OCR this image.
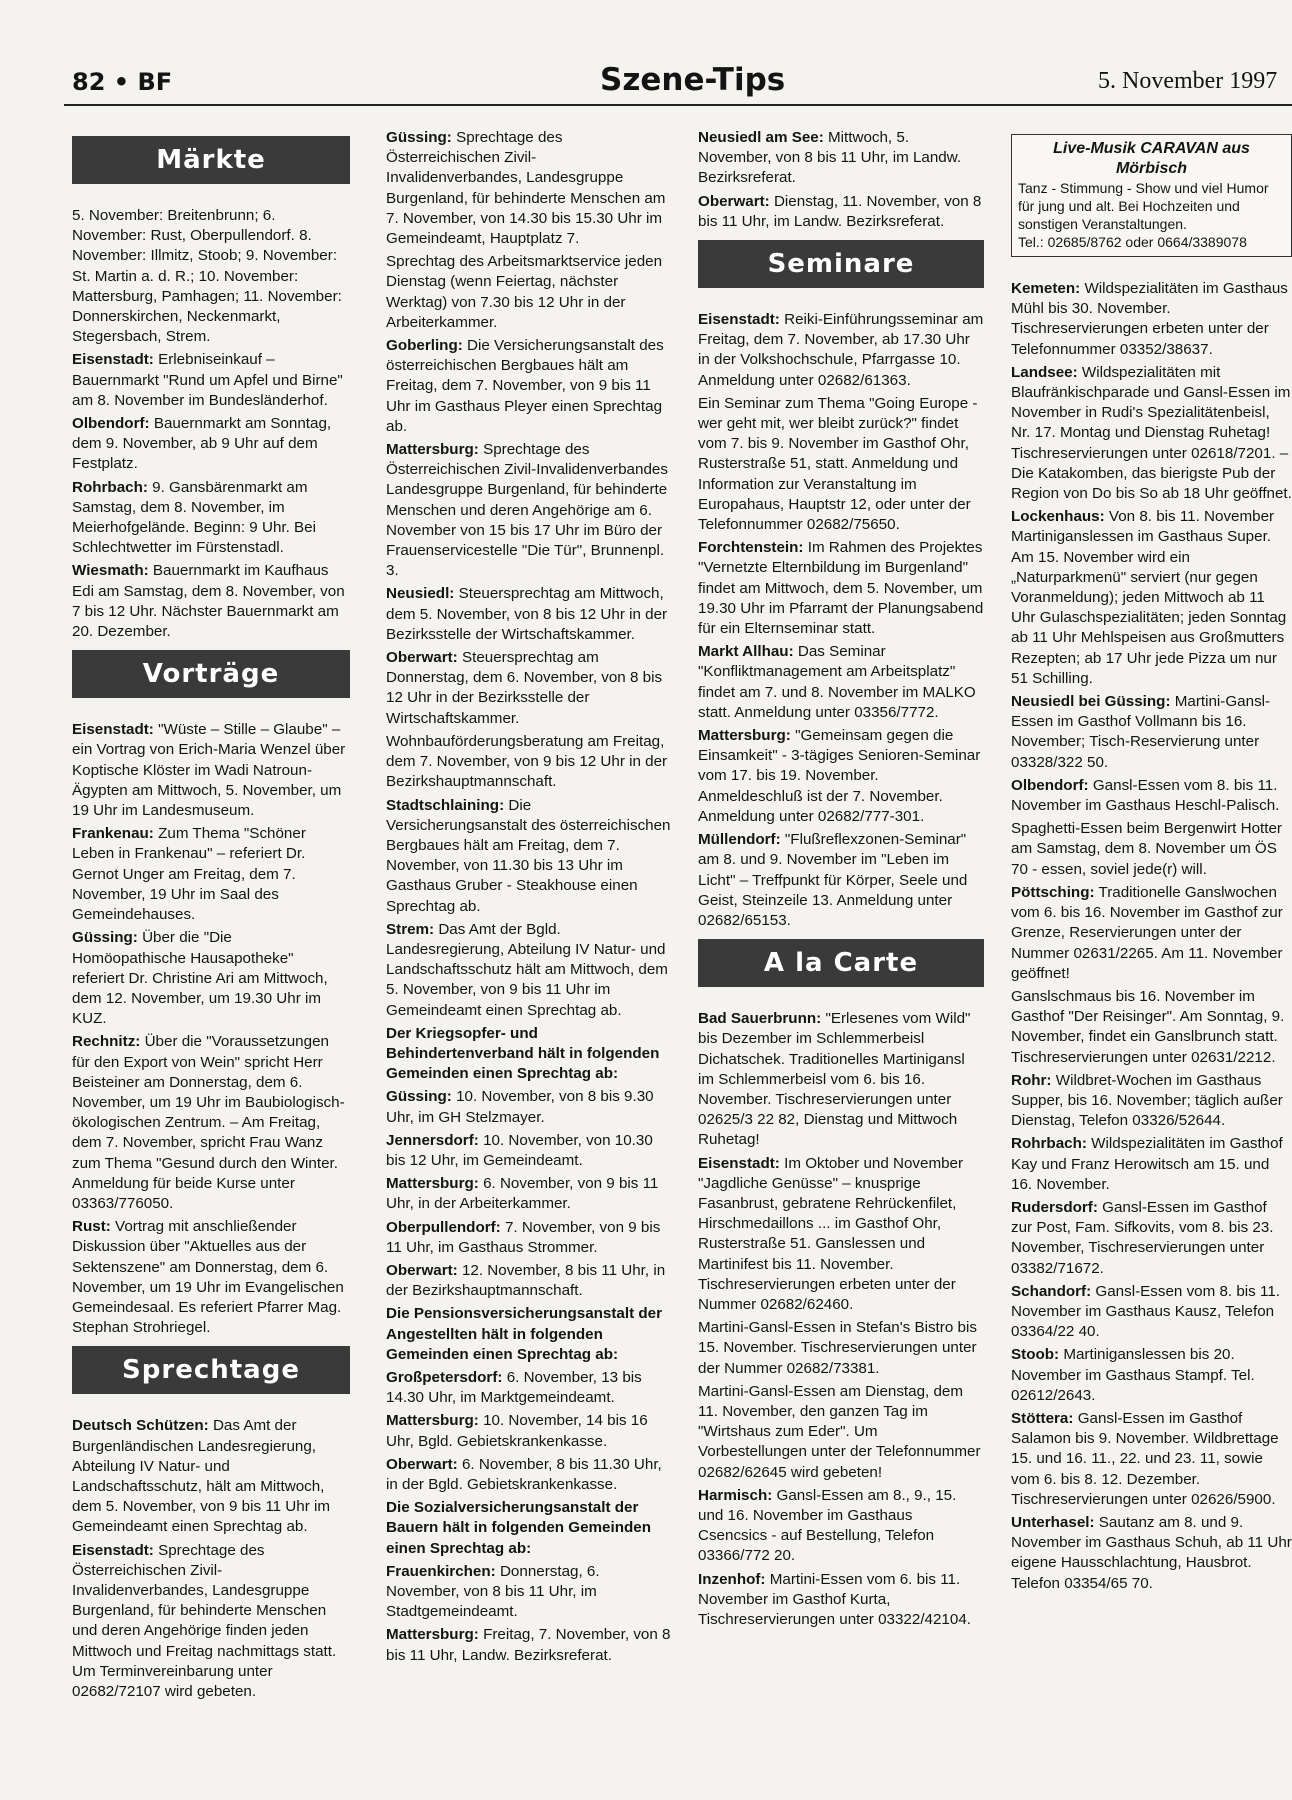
82 • BF	Szene-Tips	5. November 1997
Märkte

5. November: Breitenbrunn; 6. November: Rust, Oberpullendorf. 8. November: Illmitz, Stoob; 9. November: St. Martin a. d. R.; 10. November: Mattersburg, Pamhagen; 11. November: Donnerskirchen, Neckenmarkt, Stegersbach, Strem.

Eisenstadt: Erlebniseinkauf – Bauernmarkt "Rund um Apfel und Birne" am 8. November im Bundesländerhof.

Olbendorf: Bauernmarkt am Sonntag, dem 9. November, ab 9 Uhr auf dem Festplatz.

Rohrbach: 9. Gansbärenmarkt am Samstag, dem 8. November, im Meierhofgelände. Beginn: 9 Uhr. Bei Schlechtwetter im Fürstenstadl.

Wiesmath: Bauernmarkt im Kaufhaus Edi am Samstag, dem 8. November, von 7 bis 12 Uhr. Nächster Bauernmarkt am 20. Dezember.

Vorträge

Eisenstadt: "Wüste – Stille – Glaube" – ein Vortrag von Erich-Maria Wenzel über Koptische Klöster im Wadi Natroun-Ägypten am Mittwoch, 5. November, um 19 Uhr im Landesmuseum.

Frankenau: Zum Thema "Schöner Leben in Frankenau" – referiert Dr. Gernot Unger am Freitag, dem 7. November, 19 Uhr im Saal des Gemeindehauses.

Güssing: Über die "Die Homöopathische Hausapotheke" referiert Dr. Christine Ari am Mittwoch, dem 12. November, um 19.30 Uhr im KUZ.

Rechnitz: Über die "Voraussetzungen für den Export von Wein" spricht Herr Beisteiner am Donnerstag, dem 6. November, um 19 Uhr im Baubiologisch-ökologischen Zentrum. – Am Freitag, dem 7. November, spricht Frau Wanz zum Thema "Gesund durch den Winter. Anmeldung für beide Kurse unter 03363/776050.

Rust: Vortrag mit anschließender Diskussion über "Aktuelles aus der Sektenszene" am Donnerstag, dem 6. November, um 19 Uhr im Evangelischen Gemeindesaal. Es referiert Pfarrer Mag. Stephan Strohriegel.

Sprechtage

Deutsch Schützen: Das Amt der Burgenländischen Landesregierung, Abteilung IV Natur- und Landschaftsschutz, hält am Mittwoch, dem 5. November, von 9 bis 11 Uhr im Gemeindeamt einen Sprechtag ab.

Eisenstadt: Sprechtage des Österreichischen Zivil-Invalidenverbandes, Landesgruppe Burgenland, für behinderte Menschen und deren Angehörige finden jeden Mittwoch und Freitag nachmittags statt. Um Terminvereinbarung unter 02682/72107 wird gebeten.

Güssing: Sprechtage des Österreichischen Zivil-Invalidenverbandes, Landesgruppe Burgenland, für behinderte Menschen am 7. November, von 14.30 bis 15.30 Uhr im Gemeindeamt, Hauptplatz 7.

Sprechtag des Arbeitsmarktservice jeden Dienstag (wenn Feiertag, nächster Werktag) von 7.30 bis 12 Uhr in der Arbeiterkammer.

Goberling: Die Versicherungsanstalt des österreichischen Bergbaues hält am Freitag, dem 7. November, von 9 bis 11 Uhr im Gasthaus Pleyer einen Sprechtag ab.

Mattersburg: Sprechtage des Österreichischen Zivil-Invalidenverbandes Landesgruppe Burgenland, für behinderte Menschen und deren Angehörige am 6. November von 15 bis 17 Uhr im Büro der Frauenservicestelle "Die Tür", Brunnenpl. 3.

Neusiedl: Steuersprechtag am Mittwoch, dem 5. November, von 8 bis 12 Uhr in der Bezirksstelle der Wirtschaftskammer.

Oberwart: Steuersprechtag am Donnerstag, dem 6. November, von 8 bis 12 Uhr in der Bezirksstelle der Wirtschaftskammer.

Wohnbauförderungsberatung am Freitag, dem 7. November, von 9 bis 12 Uhr in der Bezirkshauptmannschaft.

Stadtschlaining: Die Versicherungsanstalt des österreichischen Bergbaues hält am Freitag, dem 7. November, von 11.30 bis 13 Uhr im Gasthaus Gruber - Steakhouse einen Sprechtag ab.

Strem: Das Amt der Bgld. Landesregierung, Abteilung IV Natur- und Landschaftsschutz hält am Mittwoch, dem 5. November, von 9 bis 11 Uhr im Gemeindeamt einen Sprechtag ab.

Der Kriegsopfer- und Behindertenverband hält in folgenden Gemeinden einen Sprechtag ab:

Güssing: 10. November, von 8 bis 9.30 Uhr, im GH Stelzmayer.

Jennersdorf: 10. November, von 10.30 bis 12 Uhr, im Gemeindeamt.

Mattersburg: 6. November, von 9 bis 11 Uhr, in der Arbeiterkammer.

Oberpullendorf: 7. November, von 9 bis 11 Uhr, im Gasthaus Strommer.

Oberwart: 12. November, 8 bis 11 Uhr, in der Bezirkshauptmannschaft.

Die Pensionsversicherungsanstalt der Angestellten hält in folgenden Gemeinden einen Sprechtag ab:

Großpetersdorf: 6. November, 13 bis 14.30 Uhr, im Marktgemeindeamt.

Mattersburg: 10. November, 14 bis 16 Uhr, Bgld. Gebietskrankenkasse.

Oberwart: 6. November, 8 bis 11.30 Uhr, in der Bgld. Gebietskrankenkasse.

Die Sozialversicherungsanstalt der Bauern hält in folgenden Gemeinden einen Sprechtag ab:

Frauenkirchen: Donnerstag, 6. November, von 8 bis 11 Uhr, im Stadtgemeindeamt.

Mattersburg: Freitag, 7. November, von 8 bis 11 Uhr, Landw. Bezirksreferat.

Neusiedl am See: Mittwoch, 5. November, von 8 bis 11 Uhr, im Landw. Bezirksreferat.

Oberwart: Dienstag, 11. November, von 8 bis 11 Uhr, im Landw. Bezirksreferat.

Seminare

Eisenstadt: Reiki-Einführungsseminar am Freitag, dem 7. November, ab 17.30 Uhr in der Volkshochschule, Pfarrgasse 10. Anmeldung unter 02682/61363.

Ein Seminar zum Thema "Going Europe - wer geht mit, wer bleibt zurück?" findet vom 7. bis 9. November im Gasthof Ohr, Rusterstraße 51, statt. Anmeldung und Information zur Veranstaltung im Europahaus, Hauptstr 12, oder unter der Telefonnummer 02682/75650.

Forchtenstein: Im Rahmen des Projektes "Vernetzte Elternbildung im Burgenland" findet am Mittwoch, dem 5. November, um 19.30 Uhr im Pfarramt der Planungsabend für ein Elternseminar statt.

Markt Allhau: Das Seminar "Konfliktmanagement am Arbeitsplatz" findet am 7. und 8. November im MALKO statt. Anmeldung unter 03356/7772.

Mattersburg: "Gemeinsam gegen die Einsamkeit" - 3-tägiges Senioren-Seminar vom 17. bis 19. November. Anmeldeschluß ist der 7. November. Anmeldung unter 02682/777-301.

Müllendorf: "Flußreflexzonen-Seminar" am 8. und 9. November im "Leben im Licht" – Treffpunkt für Körper, Seele und Geist, Steinzeile 13. Anmeldung unter 02682/65153.

A la Carte

Bad Sauerbrunn: "Erlesenes vom Wild" bis Dezember im Schlemmerbeisl Dichatschek. Traditionelles Martinigansl im Schlemmerbeisl vom 6. bis 16. November. Tischreservierungen unter 02625/3 22 82, Dienstag und Mittwoch Ruhetag!

Eisenstadt: Im Oktober und November "Jagdliche Genüsse" – knusprige Fasanbrust, gebratene Rehrückenfilet, Hirschmedaillons ... im Gasthof Ohr, Rusterstraße 51. Ganslessen und Martinifest bis 11. November. Tischreservierungen erbeten unter der Nummer 02682/62460.

Martini-Gansl-Essen in Stefan's Bistro bis 15. November. Tischreservierungen unter der Nummer 02682/73381.

Martini-Gansl-Essen am Dienstag, dem 11. November, den ganzen Tag im "Wirtshaus zum Eder". Um Vorbestellungen unter der Telefonnummer 02682/62645 wird gebeten!

Harmisch: Gansl-Essen am 8., 9., 15. und 16. November im Gasthaus Csencsics - auf Bestellung, Telefon 03366/772 20.

Inzenhof: Martini-Essen vom 6. bis 11. November im Gasthof Kurta, Tischreservierungen unter 03322/42104.

Live-Musik CARAVAN aus Mörbisch
Tanz - Stimmung - Show und viel Humor für jung und alt. Bei Hochzeiten und sonstigen Veranstaltungen.
Tel.: 02685/8762 oder 0664/3389078

Kemeten: Wildspezialitäten im Gasthaus Mühl bis 30. November. Tischreservierungen erbeten unter der Telefonnummer 03352/38637.

Landsee: Wildspezialitäten mit Blaufränkischparade und Gansl-Essen im November in Rudi's Spezialitätenbeisl, Nr. 17. Montag und Dienstag Ruhetag! Tischreservierungen unter 02618/7201. – Die Katakomben, das bierigste Pub der Region von Do bis So ab 18 Uhr geöffnet.

Lockenhaus: Von 8. bis 11. November Martiniganslessen im Gasthaus Super. Am 15. November wird ein „Naturparkmenü" serviert (nur gegen Voranmeldung); jeden Mittwoch ab 11 Uhr Gulaschspezialitäten; jeden Sonntag ab 11 Uhr Mehlspeisen aus Großmutters Rezepten; ab 17 Uhr jede Pizza um nur 51 Schilling.

Neusiedl bei Güssing: Martini-Gansl-Essen im Gasthof Vollmann bis 16. November; Tisch-Reservierung unter 03328/322 50.

Olbendorf: Gansl-Essen vom 8. bis 11. November im Gasthaus Heschl-Palisch.

Spaghetti-Essen beim Bergenwirt Hotter am Samstag, dem 8. November um ÖS 70 - essen, soviel jede(r) will.

Pöttsching: Traditionelle Ganslwochen vom 6. bis 16. November im Gasthof zur Grenze, Reservierungen unter der Nummer 02631/2265. Am 11. November geöffnet!

Ganslschmaus bis 16. November im Gasthof "Der Reisinger". Am Sonntag, 9. November, findet ein Ganslbrunch statt. Tischreservierungen unter 02631/2212.

Rohr: Wildbret-Wochen im Gasthaus Supper, bis 16. November; täglich außer Dienstag, Telefon 03326/52644.

Rohrbach: Wildspezialitäten im Gasthof Kay und Franz Herowitsch am 15. und 16. November.

Rudersdorf: Gansl-Essen im Gasthof zur Post, Fam. Sifkovits, vom 8. bis 23. November, Tischreservierungen unter 03382/71672.

Schandorf: Gansl-Essen vom 8. bis 11. November im Gasthaus Kausz, Telefon 03364/22 40.

Stoob: Martiniganslessen bis 20. November im Gasthaus Stampf. Tel. 02612/2643.

Stöttera: Gansl-Essen im Gasthof Salamon bis 9. November. Wildbrettage 15. und 16. 11., 22. und 23. 11, sowie vom 6. bis 8. 12. Dezember. Tischreservierungen unter 02626/5900.

Unterhasel: Sautanz am 8. und 9. November im Gasthaus Schuh, ab 11 Uhr eigene Hausschlachtung, Hausbrot. Telefon 03354/65 70.
